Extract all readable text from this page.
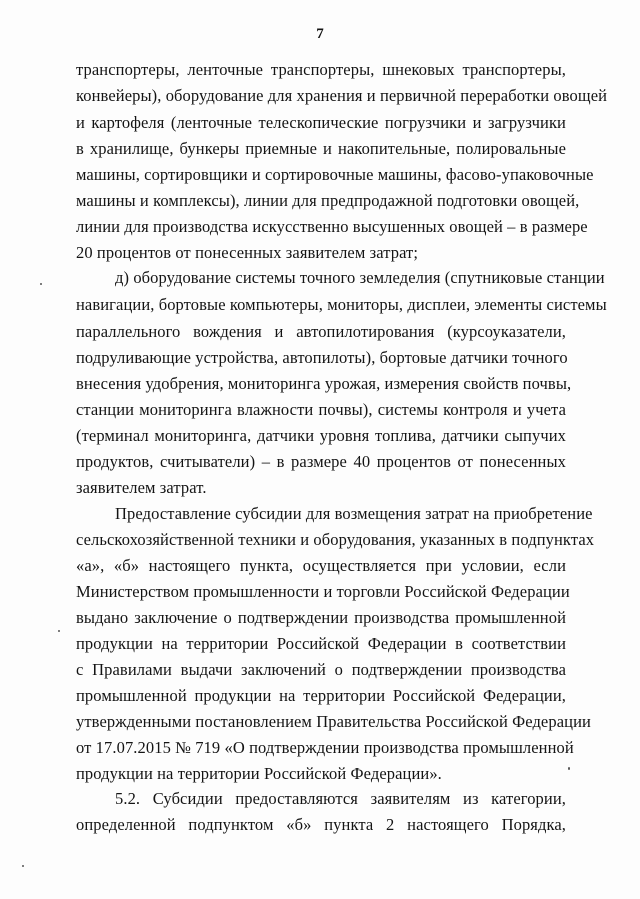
7
транспортеры, ленточные транспортеры, шнековых транспортеры,
конвейеры), оборудование для хранения и первичной переработки овощей
и картофеля (ленточные телескопические погрузчики и загрузчики
в хранилище, бункеры приемные и накопительные, полировальные
машины, сортировщики и сортировочные машины, фасово-упаковочные
машины и комплексы), линии для предпродажной подготовки овощей,
линии для производства искусственно высушенных овощей – в размере
20 процентов от понесенных заявителем затрат;
д) оборудование системы точного земледелия (спутниковые станции
навигации, бортовые компьютеры, мониторы, дисплеи, элементы системы
параллельного вождения и автопилотирования (курсоуказатели,
подруливающие устройства, автопилоты), бортовые датчики точного
внесения удобрения, мониторинга урожая, измерения свойств почвы,
станции мониторинга влажности почвы), системы контроля и учета
(терминал мониторинга, датчики уровня топлива, датчики сыпучих
продуктов, считыватели) – в размере 40 процентов от понесенных
заявителем затрат.
Предоставление субсидии для возмещения затрат на приобретение
сельскохозяйственной техники и оборудования, указанных в подпунктах
«а», «б» настоящего пункта, осуществляется при условии, если
Министерством промышленности и торговли Российской Федерации
выдано заключение о подтверждении производства промышленной
продукции на территории Российской Федерации в соответствии
с Правилами выдачи заключений о подтверждении производства
промышленной продукции на территории Российской Федерации,
утвержденными постановлением Правительства Российской Федерации
от 17.07.2015 № 719 «О подтверждении производства промышленной
продукции на территории Российской Федерации».
5.2. Субсидии предоставляются заявителям из категории,
определенной подпунктом «б» пункта 2 настоящего Порядка,
